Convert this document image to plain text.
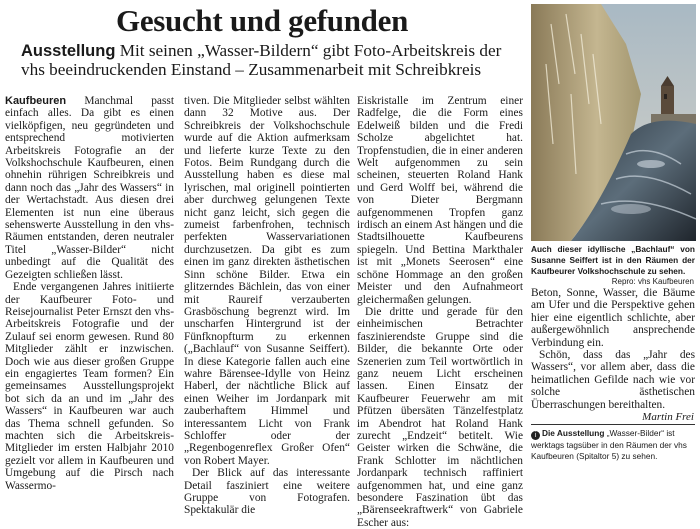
Gesucht und gefunden

Ausstellung Mit seinen „Wasser-Bildern“ gibt Foto-Arbeitskreis der vhs beeindruckenden Einstand – Zusammenarbeit mit Schreibkreis

Kaufbeuren Manchmal passt einfach alles. Da gibt es einen vielköpfigen, neu gegründeten und entsprechend motivierten Arbeitskreis Fotografie an der Volkshochschule Kaufbeuren, einen ohnehin rührigen Schreibkreis und dann noch das „Jahr des Wassers“ in der Wertachstadt. Aus diesen drei Elementen ist nun eine überaus sehenswerte Ausstellung in den vhs-Räumen entstanden, deren neutraler Titel „Wasser-Bilder“ nicht unbedingt auf die Qualität des Gezeigten schließen lässt.
Ende vergangenen Jahres initiierte der Kaufbeurer Foto- und Reisejournalist Peter Ernszt den vhs-Arbeitskreis Fotografie und der Zulauf sei enorm gewesen. Rund 80 Mitglieder zählt er inzwischen. Doch wie aus dieser großen Gruppe ein engagiertes Team formen? Ein gemeinsames Ausstellungsprojekt bot sich da an und im „Jahr des Wassers“ in Kaufbeuren war auch das Thema schnell gefunden. So machten sich die Arbeitskreis-Mitglieder im ersten Halbjahr 2010 gezielt vor allem in Kaufbeuren und Umgebung auf die Pirsch nach Wassermo-
tiven. Die Mitglieder selbst wählten dann 32 Motive aus. Der Schreibkreis der Volkshochschule wurde auf die Aktion aufmerksam und lieferte kurze Texte zu den Fotos. Beim Rundgang durch die Ausstellung haben es diese mal lyrischen, mal originell pointierten aber durchweg gelungenen Texte nicht ganz leicht, sich gegen die zumeist farbenfrohen, technisch perfekten Wasservariationen durchzusetzen. Da gibt es zum einen im ganz direkten ästhetischen Sinn schöne Bilder. Etwa ein glitzerndes Bächlein, das von einer mit Raureif verzauberten Grasböschung begrenzt wird. Im unscharfen Hintergrund ist der Fünfknopfturm zu erkennen („Bachlauf“ von Susanne Seiffert). In diese Kategorie fallen auch eine wahre Bärensee-Idylle von Heinz Haberl, der nächtliche Blick auf einen Weiher im Jordanpark mit zauberhaftem Himmel und interessantem Licht von Frank Schloffer oder der „Regenbogenreflex Großer Ofen“ von Robert Mayer.
Der Blick auf das interessante Detail fasziniert eine weitere Gruppe von Fotografen. Spektakulär die
Eiskristalle im Zentrum einer Radfelge, die die Form eines Edelweiß bilden und die Fredi Scholze abgelichtet hat. Tropfenstudien, die in einer anderen Welt aufgenommen zu sein scheinen, steuerten Roland Hank und Gerd Wolff bei, während die von Dieter Bergmann aufgenommenen Tropfen ganz irdisch an einem Ast hängen und die Stadtsilhouette Kaufbeurens spiegeln. Und Bettina Markthaler ist mit „Monets Seerosen“ eine schöne Hommage an den großen Meister und den Aufnahmeort gleichermaßen gelungen.
Die dritte und gerade für den einheimischen Betrachter faszinierendste Gruppe sind die Bilder, die bekannte Orte oder Szenerien zum Teil wortwörtlich in ganz neuem Licht erscheinen lassen. Einen Einsatz der Kaufbeurer Feuerwehr am mit Pfützen übersäten Tänzelfestplatz im Abendrot hat Roland Hank zurecht „Endzeit“ betitelt. Wie Geister wirken die Schwäne, die Frank Schlotter im nächtlichen Jordanpark technisch raffiniert aufgenommen hat, und eine ganz besondere Faszination übt das „Bärenseekraftwerk“ von Gabriele Escher aus:

Auch dieser idyllische „Bachlauf“ von Susanne Seiffert ist in den Räumen der Kaufbeurer Volkshochschule zu sehen.

Repro: vhs Kaufbeuren

Beton, Sonne, Wasser, die Bäume am Ufer und die Perspektive gehen hier eine eigentlich schlichte, aber außergewöhnlich ansprechende Verbindung ein.
Schön, dass das „Jahr des Wassers“, vor allem aber, dass die heimatlichen Gefilde nach wie vor solche ästhetischen Überraschungen bereithalten.

Martin Frei

i Die Ausstellung „Wasser-Bilder“ ist werktags tagsüber in den Räumen der vhs Kaufbeuren (Spitaltor 5) zu sehen.
